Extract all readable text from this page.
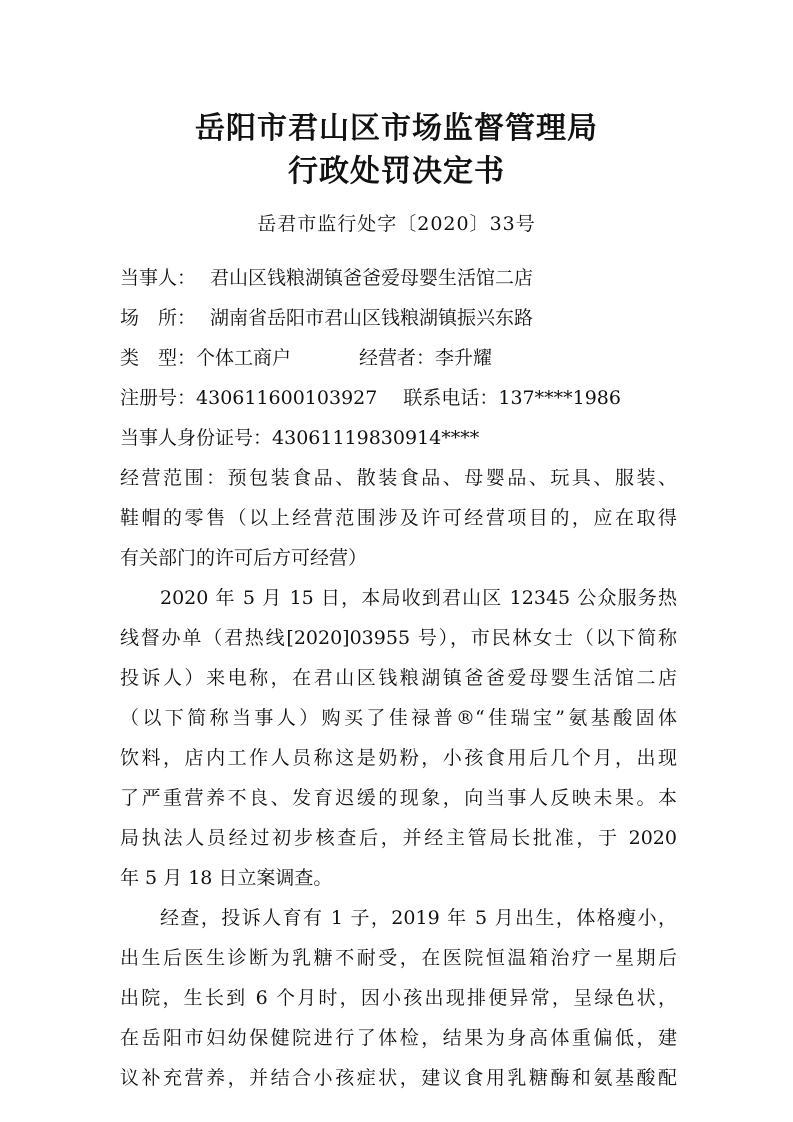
岳阳市君山区市场监督管理局
行政处罚决定书
岳君市监行处字〔2020〕33号
当事人： 君山区钱粮湖镇爸爸爱母婴生活馆二店
场　所： 湖南省岳阳市君山区钱粮湖镇振兴东路
类　型：个体工商户	经营者：李升耀
注册号：430611600103927 联系电话：137****1986
当事人身份证号：43061119830914****
经营范围：预包装食品、散装食品、母婴品、玩具、服装、
鞋帽的零售（以上经营范围涉及许可经营项目的，应在取得
有关部门的许可后方可经营）
2020 年 5 月 15 日，本局收到君山区 12345 公众服务热
线督办单（君热线[2020]03955 号），市民林女士（以下简称
投诉人）来电称，在君山区钱粮湖镇爸爸爱母婴生活馆二店
（以下简称当事人）购买了佳禄普®“佳瑞宝”氨基酸固体
饮料，店内工作人员称这是奶粉，小孩食用后几个月，出现
了严重营养不良、发育迟缓的现象，向当事人反映未果。本
局执法人员经过初步核查后，并经主管局长批准，于 2020
年 5 月 18 日立案调查。
经查，投诉人育有 1 子，2019 年 5 月出生，体格瘦小，
出生后医生诊断为乳糖不耐受，在医院恒温箱治疗一星期后
出院，生长到 6 个月时，因小孩出现排便异常，呈绿色状，
在岳阳市妇幼保健院进行了体检，结果为身高体重偏低，建
议补充营养，并结合小孩症状，建议食用乳糖酶和氨基酸配
